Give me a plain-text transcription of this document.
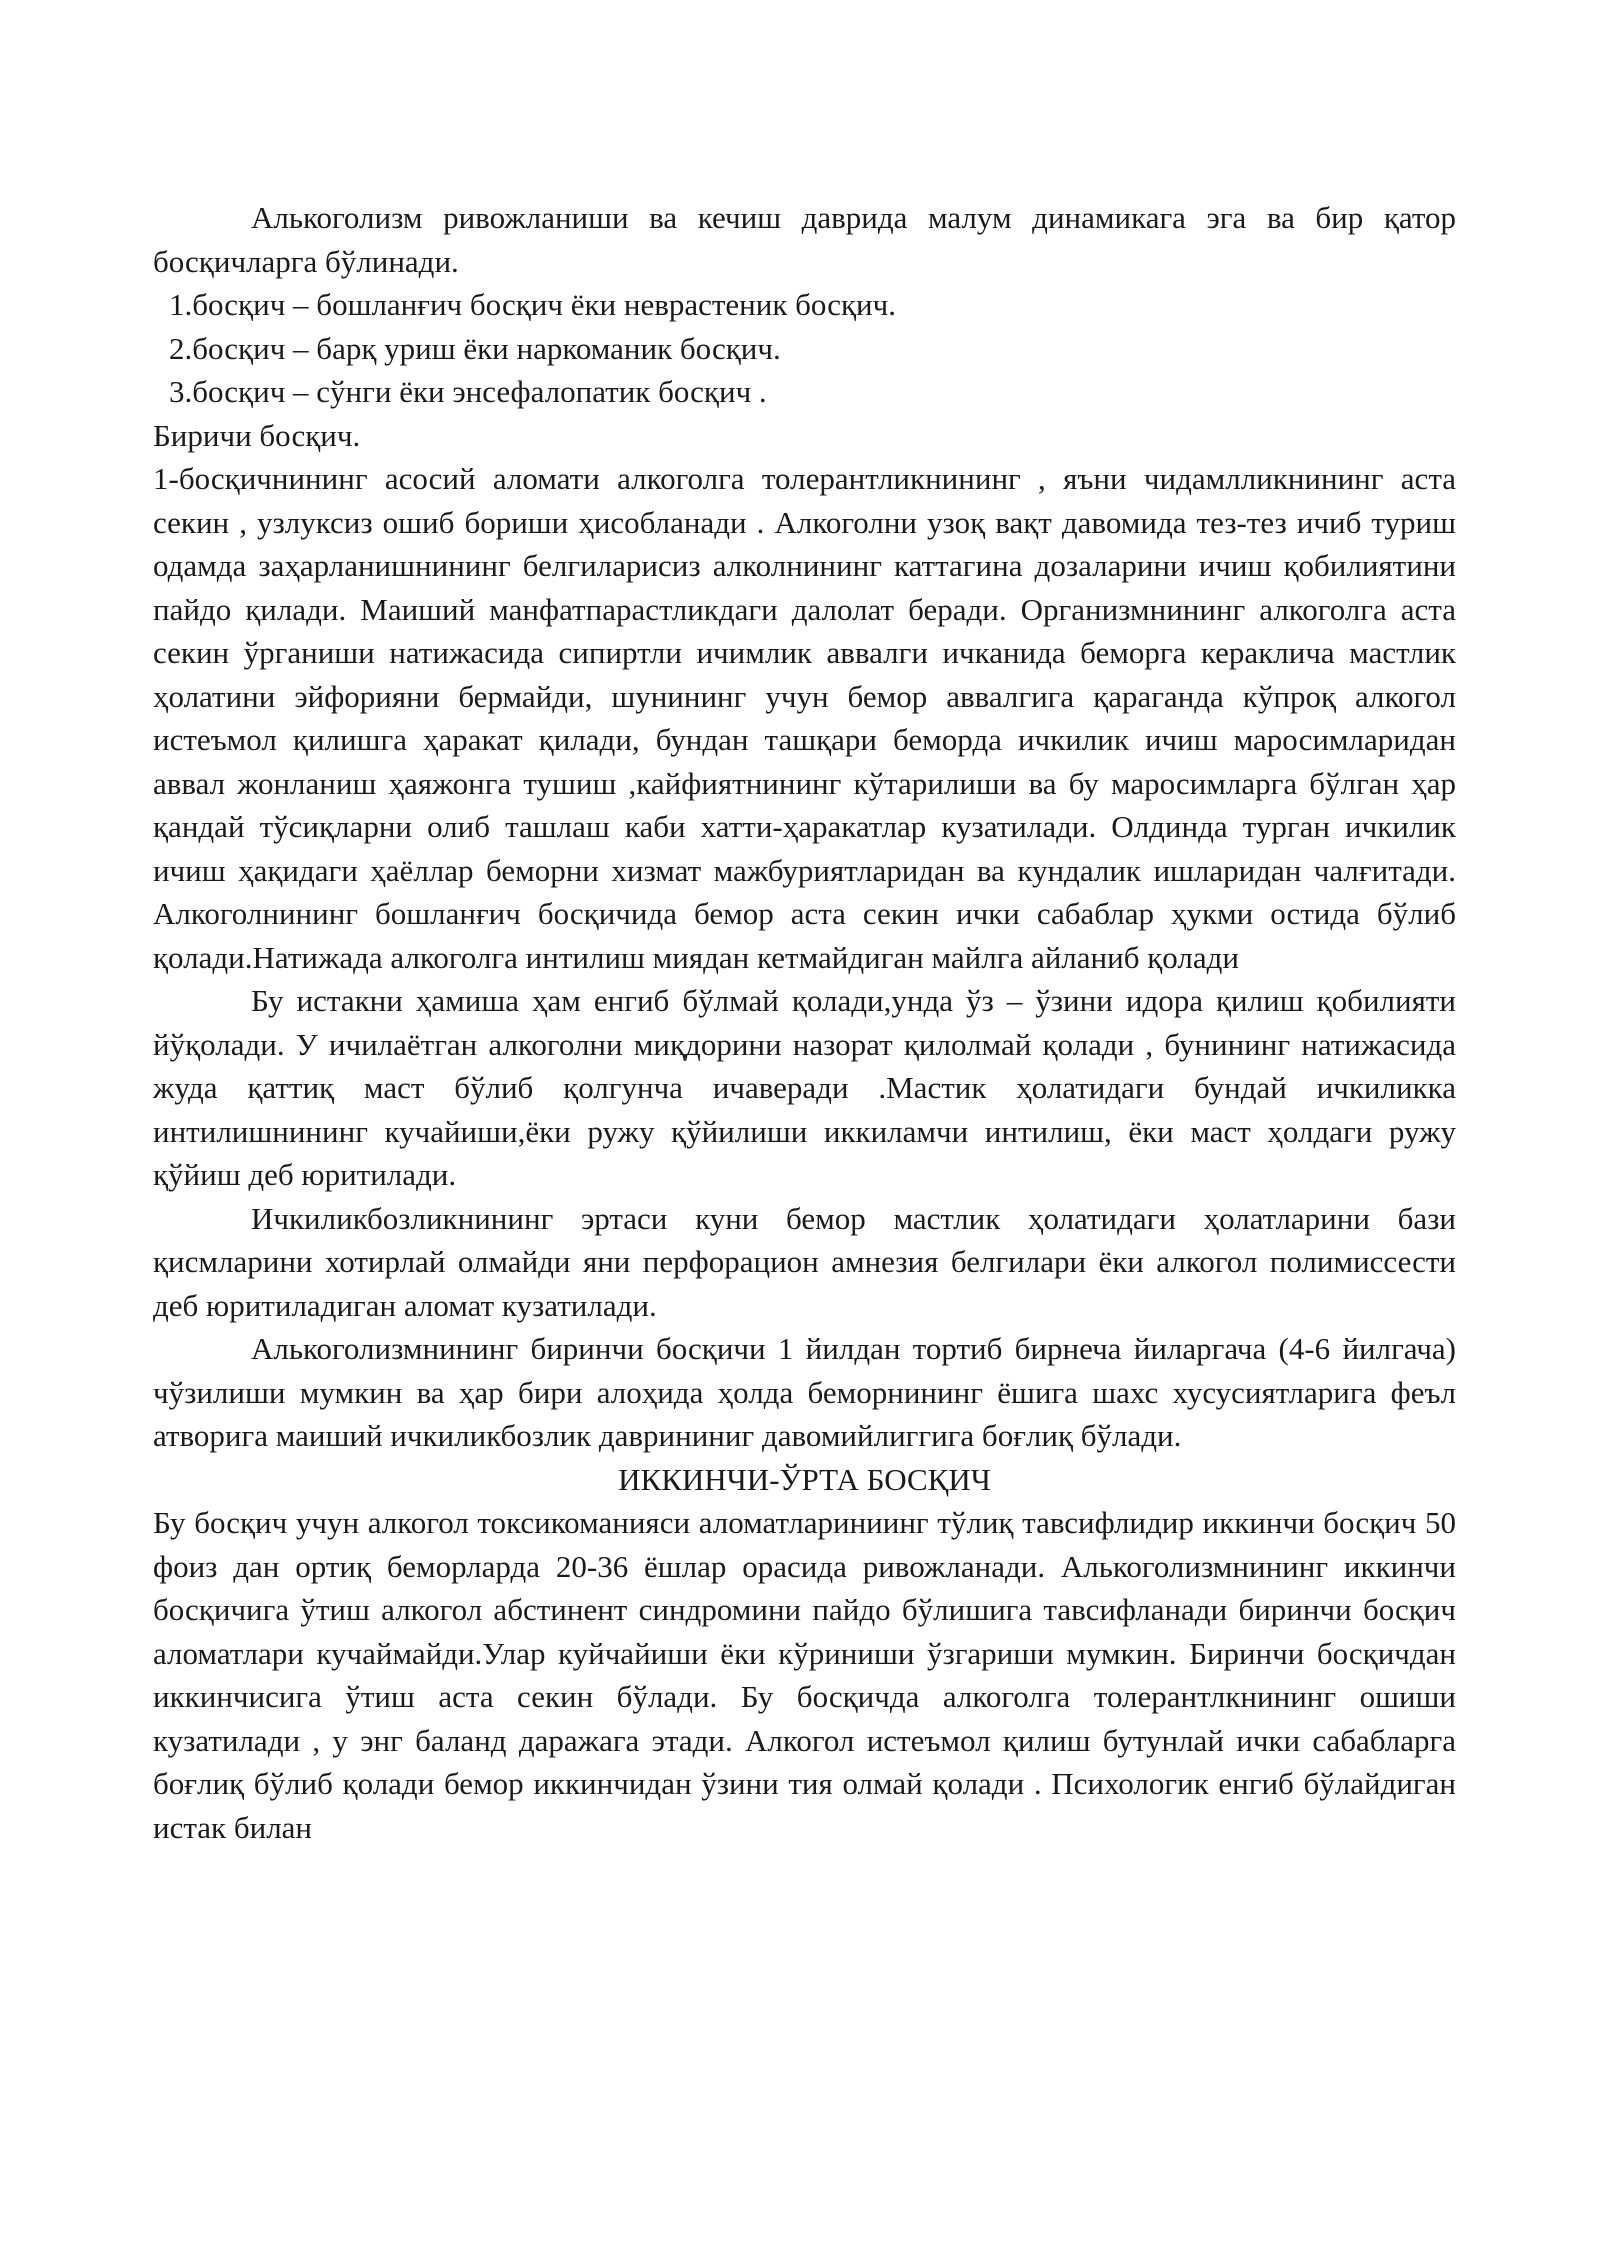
Алькоголизм ривожланиши ва кечиш даврида малум динамикага эга ва бир қатор босқичларга бўлинади.

1.босқич – бошланғич босқич ёки неврастеник босқич.

2.босқич – барқ уриш ёки наркоманик босқич.

3.босқич – сўнги ёки энсефалопатик босқич .

Биричи босқич.

1-босқичнининг асосий аломати алкоголга толерантликнининг , яъни чидамлликнининг аста секин , узлуксиз ошиб бориши ҳисобланади . Алкоголни узоқ вақт давомида тез-тез ичиб туриш одамда заҳарланишнининг белгиларисиз алколнининг каттагина дозаларини ичиш қобилиятини пайдо қилади. Маиший манфатпарастликдаги далолат беради. Организмнининг алкоголга аста секин ўрганиши натижасида сипиртли ичимлик аввалги ичканида беморга кераклича мастлик ҳолатини эйфорияни бермайди, шунининг учун бемор аввалгига қараганда кўпроқ алкогол истеъмол қилишга ҳаракат қилади, бундан ташқари беморда ичкилик ичиш маросимларидан аввал жонланиш ҳаяжонга тушиш ,кайфиятнининг кўтарилиши ва бу маросимларга бўлган ҳар қандай тўсиқларни олиб ташлаш каби хатти-ҳаракатлар кузатилади. Олдинда турган ичкилик ичиш ҳақидаги ҳаёллар беморни хизмат мажбуриятларидан ва кундалик ишларидан чалғитади. Алкоголнининг бошланғич босқичида бемор аста секин ички сабаблар ҳукми остида бўлиб қолади.Натижада алкоголга интилиш миядан кетмайдиган майлга айланиб қолади

Бу истакни ҳамиша ҳам енгиб бўлмай қолади,унда ўз – ўзини идора қилиш қобилияти йўқолади. У ичилаётган алкоголни миқдорини назорат қилолмай қолади , бунининг натижасида жуда қаттиқ маст бўлиб қолгунча ичаверади .Мастик ҳолатидаги бундай ичкиликка интилишнининг кучайиши,ёки ружу қўйилиши иккиламчи интилиш, ёки маст ҳолдаги ружу қўйиш деб юритилади.

Ичкиликбозликнининг эртаси куни бемор мастлик ҳолатидаги ҳолатларини бази қисмларини хотирлай олмайди яни перфорацион амнезия белгилари ёки алкогол полимиссести деб юритиладиган аломат кузатилади.

Алькоголизмнининг биринчи босқичи 1 йилдан тортиб бирнеча йиларгача (4-6 йилгача) чўзилиши мумкин ва ҳар бири алоҳида ҳолда беморнининг ёшига шахс хусусиятларига феъл атворига маиший ичкиликбозлик даврининиг давомийлиггига боғлиқ бўлади.

ИККИНЧИ-ЎРТА БОСҚИЧ

Бу босқич учун алкогол токсикоманияси аломатлариниинг тўлиқ тавсифлидир иккинчи босқич 50 фоиз дан ортиқ беморларда 20-36 ёшлар орасида ривожланади. Алькоголизмнининг иккинчи босқичига ўтиш алкогол абстинент синдромини пайдо бўлишига тавсифланади биринчи босқич аломатлари кучаймайди.Улар куйчайиши ёки кўриниши ўзгариши мумкин. Биринчи босқичдан иккинчисига ўтиш аста секин бўлади. Бу босқичда алкоголга толерантлкнининг ошиши кузатилади , у энг баланд даражага этади. Алкогол истеъмол қилиш бутунлай ички сабабларга боғлиқ бўлиб қолади бемор иккинчидан ўзини тия олмай қолади . Психологик енгиб бўлайдиган истак билан
